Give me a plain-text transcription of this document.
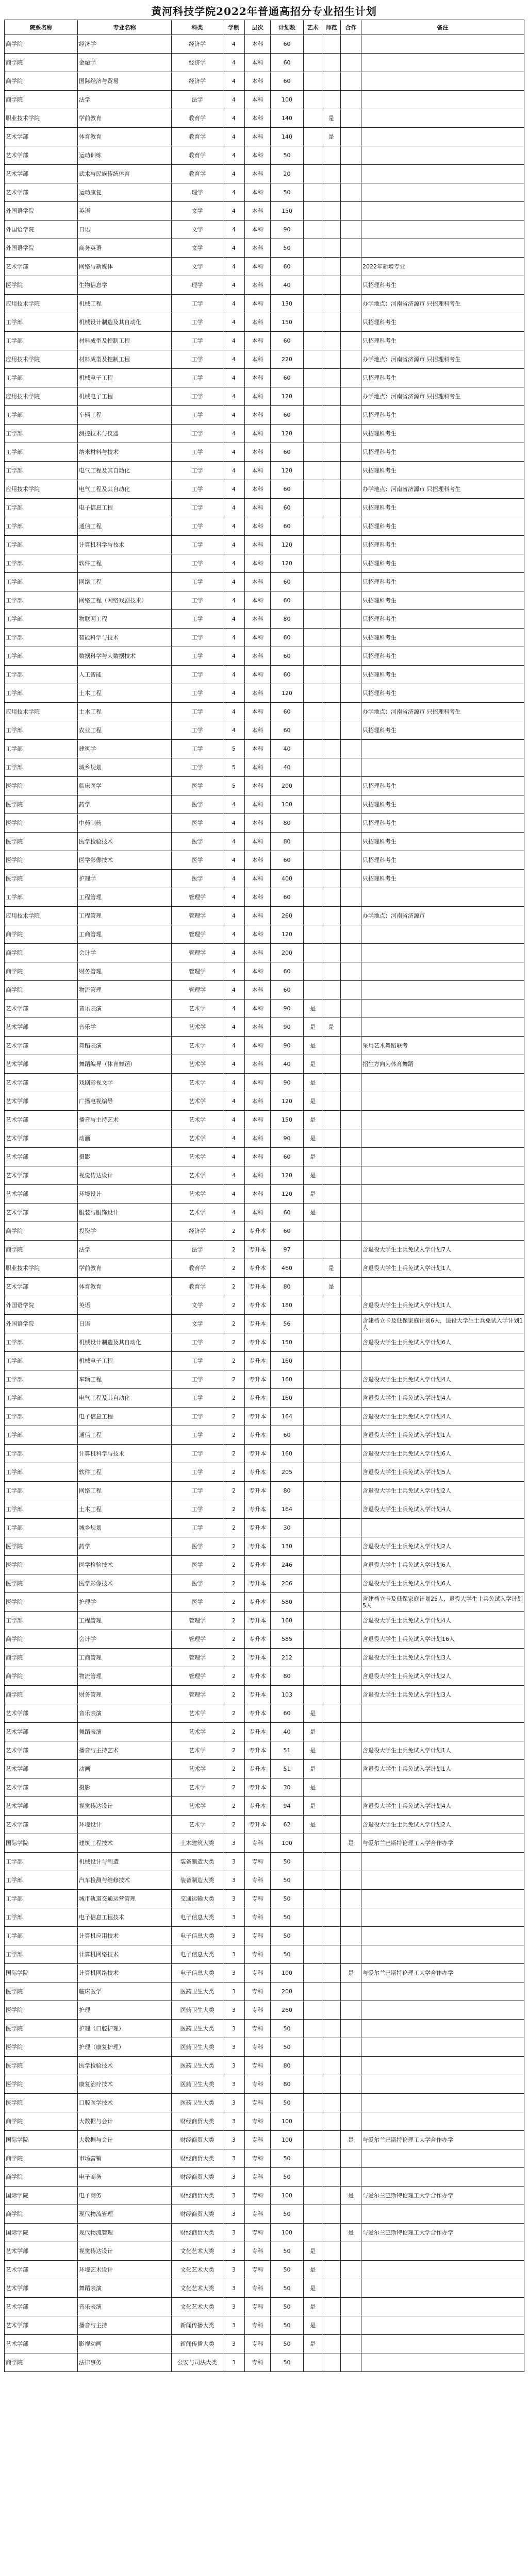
黄河科技学院2022年普通高招分专业招生计划
院系名称	专业名称	科类	学制	层次	计划数	艺术	师范	合作	备注
商学院	经济学	经济学	4	本科	60				
商学院	金融学	经济学	4	本科	60				
商学院	国际经济与贸易	经济学	4	本科	60				
商学院	法学	法学	4	本科	100				
职业技术学院	学前教育	教育学	4	本科	140		是		
艺术学部	体育教育	教育学	4	本科	140		是		
艺术学部	运动训练	教育学	4	本科	50				
艺术学部	武术与民族传统体育	教育学	4	本科	20				
艺术学部	运动康复	理学	4	本科	50				
外国语学院	英语	文学	4	本科	150				
外国语学院	日语	文学	4	本科	90				
外国语学院	商务英语	文学	4	本科	50				
艺术学部	网络与新媒体	文学	4	本科	60				2022年新增专业
医学院	生物信息学	理学	4	本科	40				只招理科考生
应用技术学院	机械工程	工学	4	本科	130				办学地点：河南省济源市 只招理科考生
工学部	机械设计制造及其自动化	工学	4	本科	150				只招理科考生
工学部	材料成型及控制工程	工学	4	本科	60				只招理科考生
应用技术学院	材料成型及控制工程	工学	4	本科	220				办学地点：河南省济源市 只招理科考生
工学部	机械电子工程	工学	4	本科	60				只招理科考生
应用技术学院	机械电子工程	工学	4	本科	120				办学地点：河南省济源市 只招理科考生
工学部	车辆工程	工学	4	本科	60				只招理科考生
工学部	测控技术与仪器	工学	4	本科	120				只招理科考生
工学部	纳米材料与技术	工学	4	本科	60				只招理科考生
工学部	电气工程及其自动化	工学	4	本科	120				只招理科考生
应用技术学院	电气工程及其自动化	工学	4	本科	60				办学地点：河南省济源市 只招理科考生
工学部	电子信息工程	工学	4	本科	60				只招理科考生
工学部	通信工程	工学	4	本科	60				只招理科考生
工学部	计算机科学与技术	工学	4	本科	120				只招理科考生
工学部	软件工程	工学	4	本科	120				只招理科考生
工学部	网络工程	工学	4	本科	60				只招理科考生
工学部	网络工程（网络戏剧技术）	工学	4	本科	60				只招理科考生
工学部	物联网工程	工学	4	本科	80				只招理科考生
工学部	智能科学与技术	工学	4	本科	60				只招理科考生
工学部	数据科学与大数据技术	工学	4	本科	60				只招理科考生
工学部	人工智能	工学	4	本科	60				只招理科考生
工学部	土木工程	工学	4	本科	120				只招理科考生
应用技术学院	土木工程	工学	4	本科	60				办学地点：河南省济源市 只招理科考生
工学部	农业工程	工学	4	本科	60				只招理科考生
工学部	建筑学	工学	5	本科	40				
工学部	城乡规划	工学	5	本科	40				
医学院	临床医学	医学	5	本科	200				只招理科考生
医学院	药学	医学	4	本科	100				只招理科考生
医学院	中药制药	医学	4	本科	80				只招理科考生
医学院	医学检验技术	医学	4	本科	80				只招理科考生
医学院	医学影像技术	医学	4	本科	60				只招理科考生
医学院	护理学	医学	4	本科	400				只招理科考生
工学部	工程管理	管理学	4	本科	60				
应用技术学院	工程管理	管理学	4	本科	260				办学地点：河南省济源市
商学院	工商管理	管理学	4	本科	120				
商学院	会计学	管理学	4	本科	200				
商学院	财务管理	管理学	4	本科	60				
商学院	物流管理	管理学	4	本科	60				
艺术学部	音乐表演	艺术学	4	本科	90	是			
艺术学部	音乐学	艺术学	4	本科	90	是	是		
艺术学部	舞蹈表演	艺术学	4	本科	90	是			采用艺术舞蹈联考
艺术学部	舞蹈编导（体育舞蹈）	艺术学	4	本科	40	是			招生方向为体育舞蹈
艺术学部	戏剧影视文学	艺术学	4	本科	90	是			
艺术学部	广播电视编导	艺术学	4	本科	120	是			
艺术学部	播音与主持艺术	艺术学	4	本科	150	是			
艺术学部	动画	艺术学	4	本科	90	是			
艺术学部	摄影	艺术学	4	本科	60	是			
艺术学部	视觉传达设计	艺术学	4	本科	120	是			
艺术学部	环境设计	艺术学	4	本科	120	是			
艺术学部	服装与服饰设计	艺术学	4	本科	60	是			
商学院	投资学	经济学	2	专升本	60				
商学院	法学	法学	2	专升本	97				含退役大学生士兵免试入学计划7人
职业技术学院	学前教育	教育学	2	专升本	460		是		含退役大学生士兵免试入学计划1人
艺术学部	体育教育	教育学	2	专升本	80		是		
外国语学院	英语	文学	2	专升本	180				含退役大学生士兵免试入学计划1人
外国语学院	日语	文学	2	专升本	56				含建档立卡及低保家庭计划6人，退役大学生士兵免试入学计划1人
工学部	机械设计制造及其自动化	工学	2	专升本	150				含退役大学生士兵免试入学计划6人
工学部	机械电子工程	工学	2	专升本	160				
工学部	车辆工程	工学	2	专升本	160				含退役大学生士兵免试入学计划4人
工学部	电气工程及其自动化	工学	2	专升本	160				含退役大学生士兵免试入学计划4人
工学部	电子信息工程	工学	2	专升本	164				含退役大学生士兵免试入学计划4人
工学部	通信工程	工学	2	专升本	60				含退役大学生士兵免试入学计划1人
工学部	计算机科学与技术	工学	2	专升本	160				含退役大学生士兵免试入学计划6人
工学部	软件工程	工学	2	专升本	205				含退役大学生士兵免试入学计划5人
工学部	网络工程	工学	2	专升本	80				含退役大学生士兵免试入学计划2人
工学部	土木工程	工学	2	专升本	164				含退役大学生士兵免试入学计划4人
工学部	城乡规划	工学	2	专升本	30				
医学院	药学	医学	2	专升本	130				含退役大学生士兵免试入学计划2人
医学院	医学检验技术	医学	2	专升本	246				含退役大学生士兵免试入学计划6人
医学院	医学影像技术	医学	2	专升本	206				含退役大学生士兵免试入学计划6人
医学院	护理学	医学	2	专升本	580				含建档立卡及低保家庭计划25人，退役大学生士兵免试入学计划5人
工学部	工程管理	管理学	2	专升本	160				含退役大学生士兵免试入学计划4人
商学院	会计学	管理学	2	专升本	585				含退役大学生士兵免试入学计划16人
商学院	工商管理	管理学	2	专升本	212				含退役大学生士兵免试入学计划3人
商学院	物流管理	管理学	2	专升本	80				含退役大学生士兵免试入学计划2人
商学院	财务管理	管理学	2	专升本	103				含退役大学生士兵免试入学计划3人
艺术学部	音乐表演	艺术学	2	专升本	60	是			
艺术学部	舞蹈表演	艺术学	2	专升本	40	是			
艺术学部	播音与主持艺术	艺术学	2	专升本	51	是			含退役大学生士兵免试入学计划1人
艺术学部	动画	艺术学	2	专升本	51	是			含退役大学生士兵免试入学计划1人
艺术学部	摄影	艺术学	2	专升本	30	是			
艺术学部	视觉传达设计	艺术学	2	专升本	94	是			含退役大学生士兵免试入学计划4人
艺术学部	环境设计	艺术学	2	专升本	62	是			含退役大学生士兵免试入学计划2人
国际学院	建筑工程技术	土木建筑大类	3	专科	100			是	与爱尔兰巴斯特伦理工大学合作办学
工学部	机械设计与制造	装备制造大类	3	专科	50				
工学部	汽车检测与维修技术	装备制造大类	3	专科	50				
工学部	城市轨道交通运营管理	交通运输大类	3	专科	50				
工学部	电子信息工程技术	电子信息大类	3	专科	50				
工学部	计算机应用技术	电子信息大类	3	专科	50				
工学部	计算机网络技术	电子信息大类	3	专科	50				
国际学院	计算机网络技术	电子信息大类	3	专科	100			是	与爱尔兰巴斯特伦理工大学合作办学
医学院	临床医学	医药卫生大类	3	专科	200				
医学院	护理	医药卫生大类	3	专科	260				
医学院	护理（口腔护理）	医药卫生大类	3	专科	50				
医学院	护理（康复护理）	医药卫生大类	3	专科	50				
医学院	医学检验技术	医药卫生大类	3	专科	80				
医学院	康复治疗技术	医药卫生大类	3	专科	80				
医学院	口腔医学技术	医药卫生大类	3	专科	50				
商学院	大数据与会计	财经商贸大类	3	专科	100				
国际学院	大数据与会计	财经商贸大类	3	专科	100			是	与爱尔兰巴斯特伦理工大学合作办学
商学院	市场营销	财经商贸大类	3	专科	50				
商学院	电子商务	财经商贸大类	3	专科	50				
国际学院	电子商务	财经商贸大类	3	专科	100			是	与爱尔兰巴斯特伦理工大学合作办学
商学院	现代物流管理	财经商贸大类	3	专科	50				
国际学院	现代物流管理	财经商贸大类	3	专科	100			是	与爱尔兰巴斯特伦理工大学合作办学
艺术学部	视觉传达设计	文化艺术大类	3	专科	50	是			
艺术学部	环境艺术设计	文化艺术大类	3	专科	50	是			
艺术学部	舞蹈表演	文化艺术大类	3	专科	50	是			
艺术学部	音乐表演	文化艺术大类	3	专科	50	是			
艺术学部	播音与主持	新闻传播大类	3	专科	50	是			
艺术学部	影视动画	新闻传播大类	3	专科	50	是			
商学院	法律事务	公安与司法大类	3	专科	50				
